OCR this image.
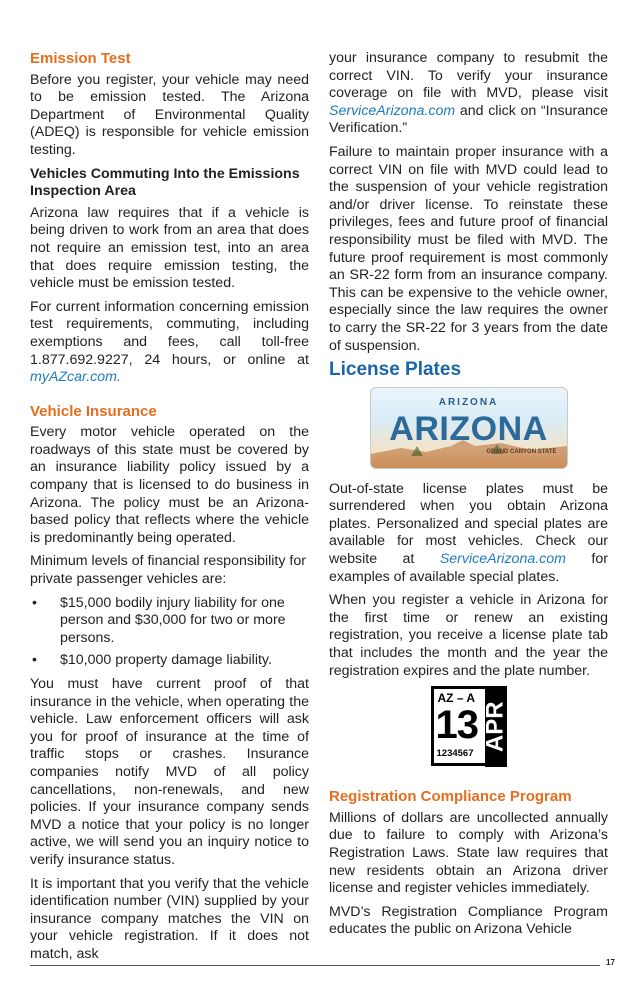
Emission Test

Before you register, your vehicle may need to be emission tested. The Arizona Department of Environmental Quality (ADEQ) is responsible for vehicle emission testing.

Vehicles Commuting Into the Emissions Inspection Area

Arizona law requires that if a vehicle is being driven to work from an area that does not require an emission test, into an area that does require emission testing, the vehicle must be emission tested.

For current information concerning emission test requirements, commuting, including exemptions and fees, call toll-free 1.877.692.9227, 24 hours, or online at myAZcar.com.

Vehicle Insurance

Every motor vehicle operated on the roadways of this state must be covered by an insurance liability policy issued by a company that is licensed to do business in Arizona. The policy must be an Arizona-based policy that reflects where the vehicle is predominantly being operated.

Minimum levels of financial responsibility for private passenger vehicles are:

• $15,000 bodily injury liability for one person and $30,000 for two or more persons.
• $10,000 property damage liability.

You must have current proof of that insurance in the vehicle, when operating the vehicle. Law enforcement officers will ask you for proof of insurance at the time of traffic stops or crashes. Insurance companies notify MVD of all policy cancellations, non-renewals, and new policies. If your insurance company sends MVD a notice that your policy is no longer active, we will send you an inquiry notice to verify insurance status.

It is important that you verify that the vehicle identification number (VIN) supplied by your insurance company matches the VIN on your vehicle registration. If it does not match, ask

your insurance company to resubmit the correct VIN. To verify your insurance coverage on file with MVD, please visit ServiceArizona.com and click on “Insurance Verification.”

Failure to maintain proper insurance with a correct VIN on file with MVD could lead to the suspension of your vehicle registration and/or driver license. To reinstate these privileges, fees and future proof of financial responsibility must be filed with MVD. The future proof requirement is most commonly an SR-22 form from an insurance company. This can be expensive to the vehicle owner, especially since the law requires the owner to carry the SR-22 for 3 years from the date of suspension.

License Plates
ARIZONA
ARIZONA
GRAND CANYON STATE

Out-of-state license plates must be surrendered when you obtain Arizona plates. Personalized and special plates are available for most vehicles. Check our website at ServiceArizona.com for examples of available special plates.

When you register a vehicle in Arizona for the first time or renew an existing registration, you receive a license plate tab that includes the month and the year the registration expires and the plate number.

AZ – A
13
1234567
APR
Registration Compliance Program

Millions of dollars are uncollected annually due to failure to comply with Arizona’s Registration Laws. State law requires that new residents obtain an Arizona driver license and register vehicles immediately.

MVD’s Registration Compliance Program educates the public on Arizona Vehicle

17
